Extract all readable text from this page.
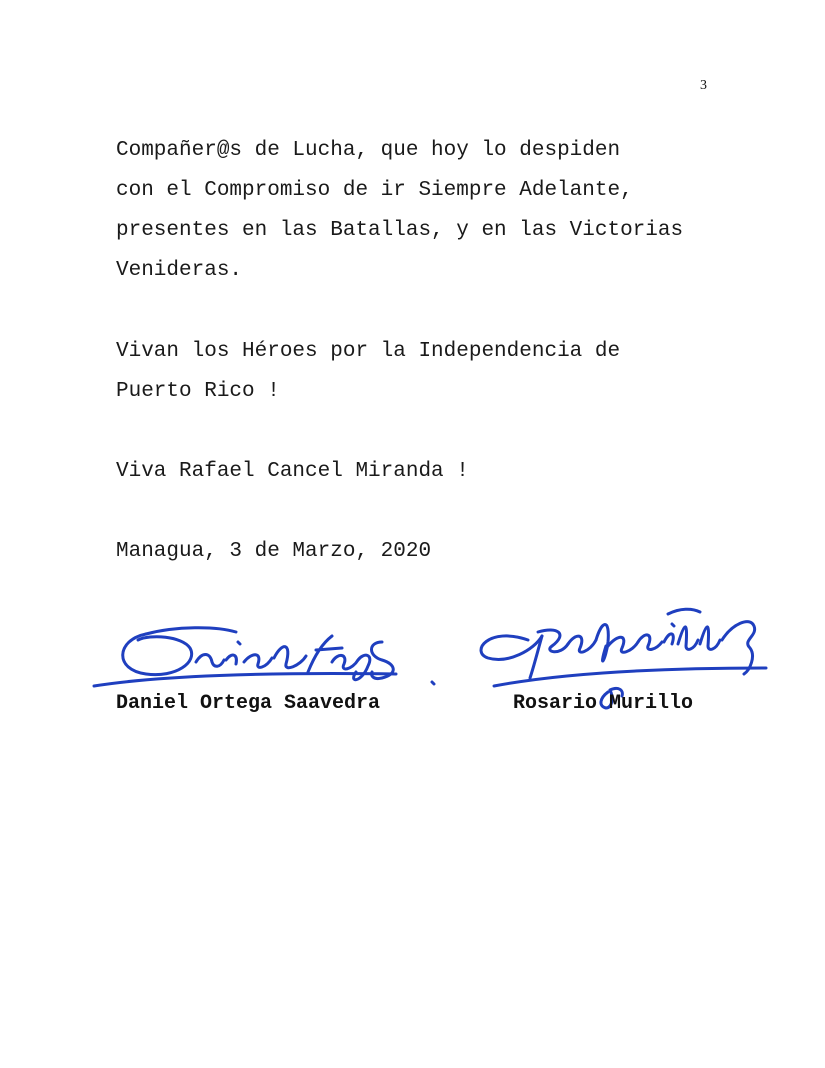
3
Compañer@s de Lucha, que hoy lo despiden
con el Compromiso de ir Siempre Adelante,
presentes en las Batallas, y en las Victorias
Venideras.
Vivan los Héroes por la Independencia de
Puerto Rico !
Viva Rafael Cancel Miranda !
Managua, 3 de Marzo, 2020
Daniel Ortega Saavedra	Rosario Murillo
